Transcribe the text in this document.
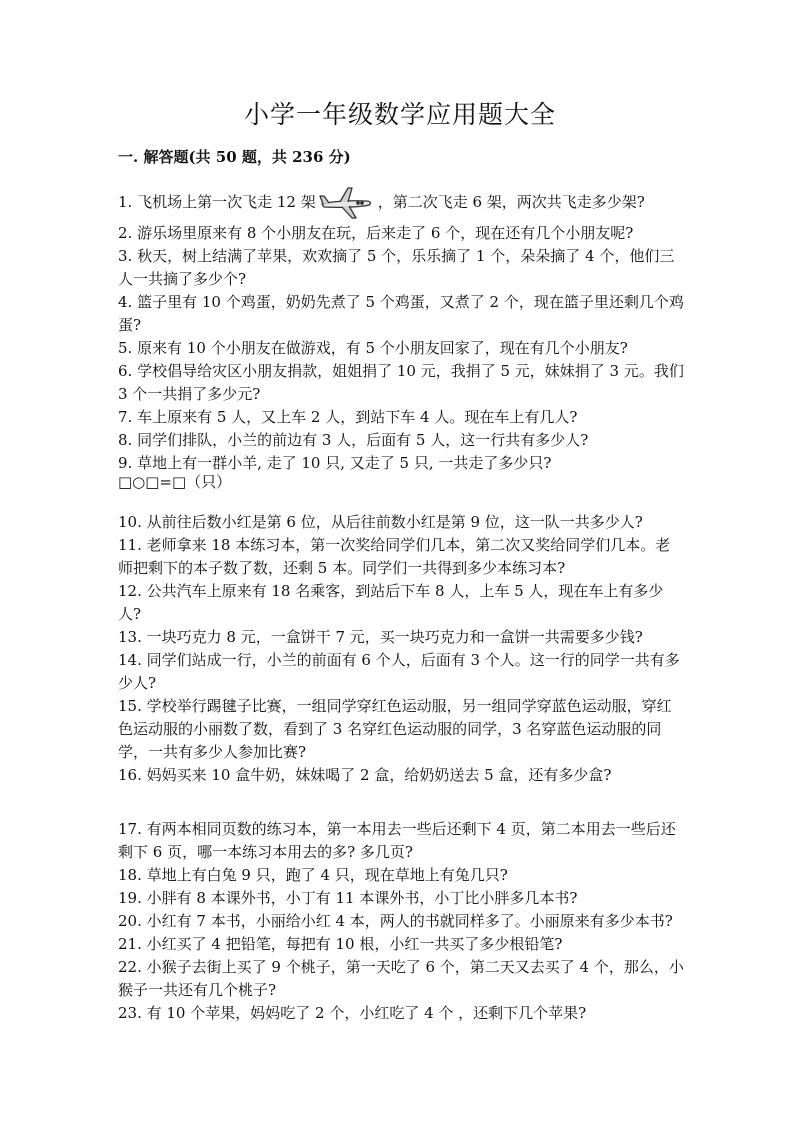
小学一年级数学应用题大全
一. 解答题(共 50 题，共 236 分)
1. 飞机场上第一次飞走 12 架	，第二次飞走 6 架，两次共飞走多少架?

2. 游乐场里原来有 8 个小朋友在玩，后来走了 6 个，现在还有几个小朋友呢?

3. 秋天，树上结满了苹果，欢欢摘了 5 个，乐乐摘了 1 个，朵朵摘了 4 个，他们三人一共摘了多少个?

4. 篮子里有 10 个鸡蛋，奶奶先煮了 5 个鸡蛋，又煮了 2 个，现在篮子里还剩几个鸡蛋?

5. 原来有 10 个小朋友在做游戏，有 5 个小朋友回家了，现在有几个小朋友?

6. 学校倡导给灾区小朋友捐款，姐姐捐了 10 元，我捐了 5 元，妹妹捐了 3 元。我们 3 个一共捐了多少元?

7. 车上原来有 5 人，又上车 2 人，到站下车 4 人。现在车上有几人?

8. 同学们排队，小兰的前边有 3 人，后面有 5 人，这一行共有多少人?

9. 草地上有一群小羊, 走了 10 只, 又走了 5 只, 一共走了多少只?

□○□=□（只）

10. 从前往后数小红是第 6 位，从后往前数小红是第 9 位，这一队一共多少人?

11. 老师拿来 18 本练习本，第一次奖给同学们几本，第二次又奖给同学们几本。老师把剩下的本子数了数，还剩 5 本。同学们一共得到多少本练习本?

12. 公共汽车上原来有 18 名乘客，到站后下车 8 人，上车 5 人，现在车上有多少人?

13. 一块巧克力 8 元，一盒饼干 7 元，买一块巧克力和一盒饼一共需要多少钱?

14. 同学们站成一行，小兰的前面有 6 个人，后面有 3 个人。这一行的同学一共有多少人?

15. 学校举行踢毽子比赛，一组同学穿红色运动服，另一组同学穿蓝色运动服，穿红色运动服的小丽数了数，看到了 3 名穿红色运动服的同学，3 名穿蓝色运动服的同学，一共有多少人参加比赛?

16. 妈妈买来 10 盒牛奶，妹妹喝了 2 盒，给奶奶送去 5 盒，还有多少盒?

17. 有两本相同页数的练习本，第一本用去一些后还剩下 4 页，第二本用去一些后还剩下 6 页，哪一本练习本用去的多? 多几页?

18. 草地上有白兔 9 只，跑了 4 只，现在草地上有兔几只?

19. 小胖有 8 本课外书，小丁有 11 本课外书，小丁比小胖多几本书?

20. 小红有 7 本书，小丽给小红 4 本，两人的书就同样多了。小丽原来有多少本书?

21. 小红买了 4 把铅笔，每把有 10 根，小红一共买了多少根铅笔?

22. 小猴子去街上买了 9 个桃子，第一天吃了 6 个，第二天又去买了 4 个，那么，小猴子一共还有几个桃子?

23. 有 10 个苹果，妈妈吃了 2 个，小红吃了 4 个 ，还剩下几个苹果?
